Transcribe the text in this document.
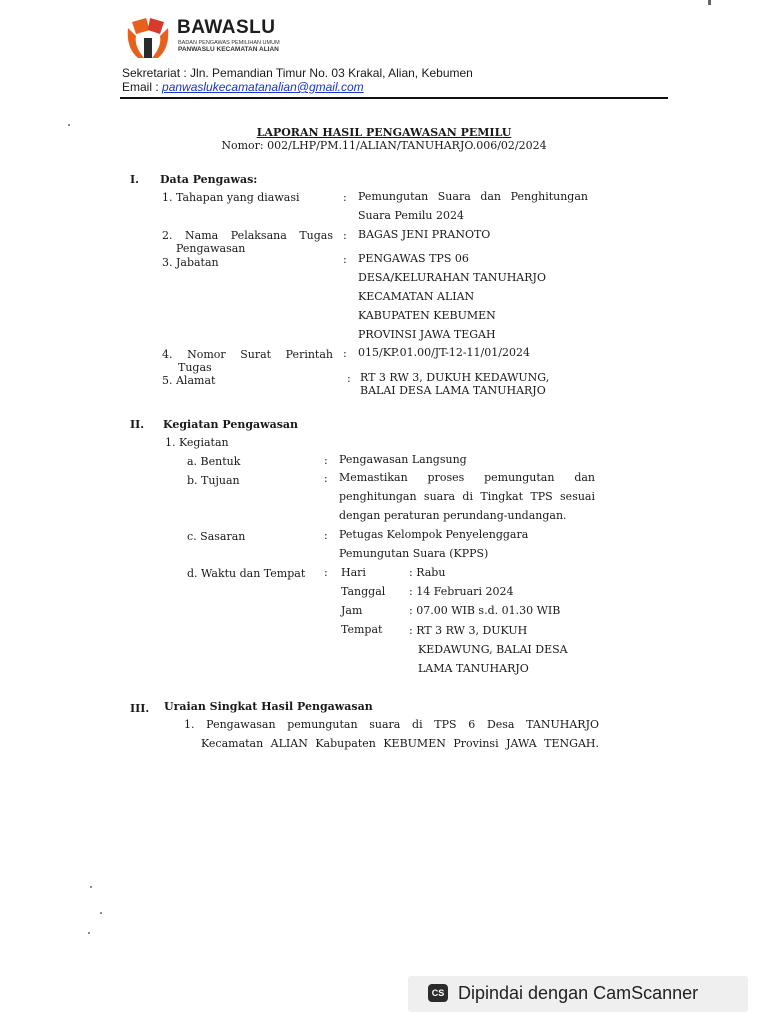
BAWASLU
BADAN PENGAWAS PEMILIHAN UMUM
PANWASLU KECAMATAN ALIAN
Sekretariat : Jln. Pemandian Timur No. 03 Krakal, Alian, Kebumen
Email : panwaslukecamatanalian@gmail.com
LAPORAN HASIL PENGAWASAN PEMILU
Nomor: 002/LHP/PM.11/ALIAN/TANUHARJO.006/02/2024
I. Data Pengawas:
1. Tahapan yang diawasi	: Pemungutan Suara dan Penghitungan
Suara Pemilu 2024
2. Nama Pelaksana Tugas
Pengawasan
: BAGAS JENI PRANOTO
3. Jabatan	: PENGAWAS TPS 06
DESA/KELURAHAN TANUHARJO
KECAMATAN ALIAN
KABUPATEN KEBUMEN
PROVINSI JAWA TEGAH
4. Nomor Surat Perintah
Tugas
: 015/KP.01.00/JT-12-11/01/2024
5. Alamat	: RT 3 RW 3, DUKUH KEDAWUNG,
BALAI DESA LAMA TANUHARJO
II. Kegiatan Pengawasan
1. Kegiatan
a. Bentuk	: Pengawasan Langsung
b. Tujuan	: Memastikan proses pemungutan dan
penghitungan suara di Tingkat TPS sesuai
dengan peraturan perundang-undangan.
c. Sasaran	: Petugas Kelompok Penyelenggara
Pemungutan Suara (KPPS)
d. Waktu dan Tempat : Hari	: Rabu
Tanggal : 14 Februari 2024
Jam	: 07.00 WIB s.d. 01.30 WIB
Tempat : RT 3 RW 3, DUKUH
KEDAWUNG, BALAI DESA
LAMA TANUHARJO
III. Uraian Singkat Hasil Pengawasan
1. Pengawasan pemungutan suara di TPS 6 Desa TANUHARJO
Kecamatan ALIAN Kabupaten KEBUMEN Provinsi JAWA TENGAH.
CS Dipindai dengan CamScanner
